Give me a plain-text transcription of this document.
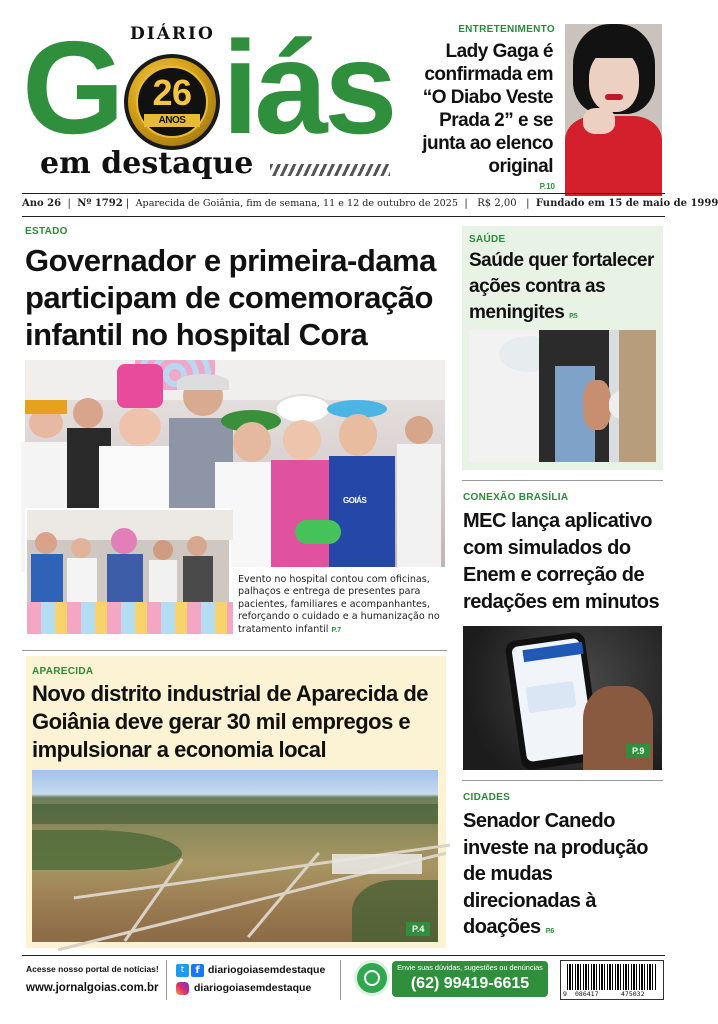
DIÁRIO
G 26
ANOS iás
em destaque
ENTRETENIMENTO
Lady Gaga é confirmada em “O Diabo Veste Prada 2” e se junta ao elenco original
P.10
Ano 26  |  Nº 1792 |  Aparecida de Goiânia, fim de semana, 11 e 12 de outubro de 2025  |   R$ 2,00   |  Fundado em 15 de maio de 1999
ESTADO
Governador e primeira-dama participam de comemoração infantil no hospital Cora
GOIÁS
Evento no hospital contou com oficinas, palhaços e entrega de presentes para pacientes, familiares e acompanhantes, reforçando o cuidado e a humanização no tratamento infantil P.7
APARECIDA
Novo distrito industrial de Aparecida de Goiânia deve gerar 30 mil empregos e impulsionar a economia local
P.4
SAÚDE
Saúde quer fortalecer ações contra as meningites P.5
CONEXÃO BRASÍLIA
MEC lança aplicativo com simulados do Enem e correção de redações em minutos
P.9
CIDADES
Senador Canedo investe na produção de mudas direcionadas à doações P.6
Acesse nosso portal de notícias!
www.jornalgoias.com.br
t	f diariogoiasemdestaque
diariogoiasemdestaque
Envie suas dúvidas, sugestões ou denúncias
(62) 99419-6615
9 086417	475032
